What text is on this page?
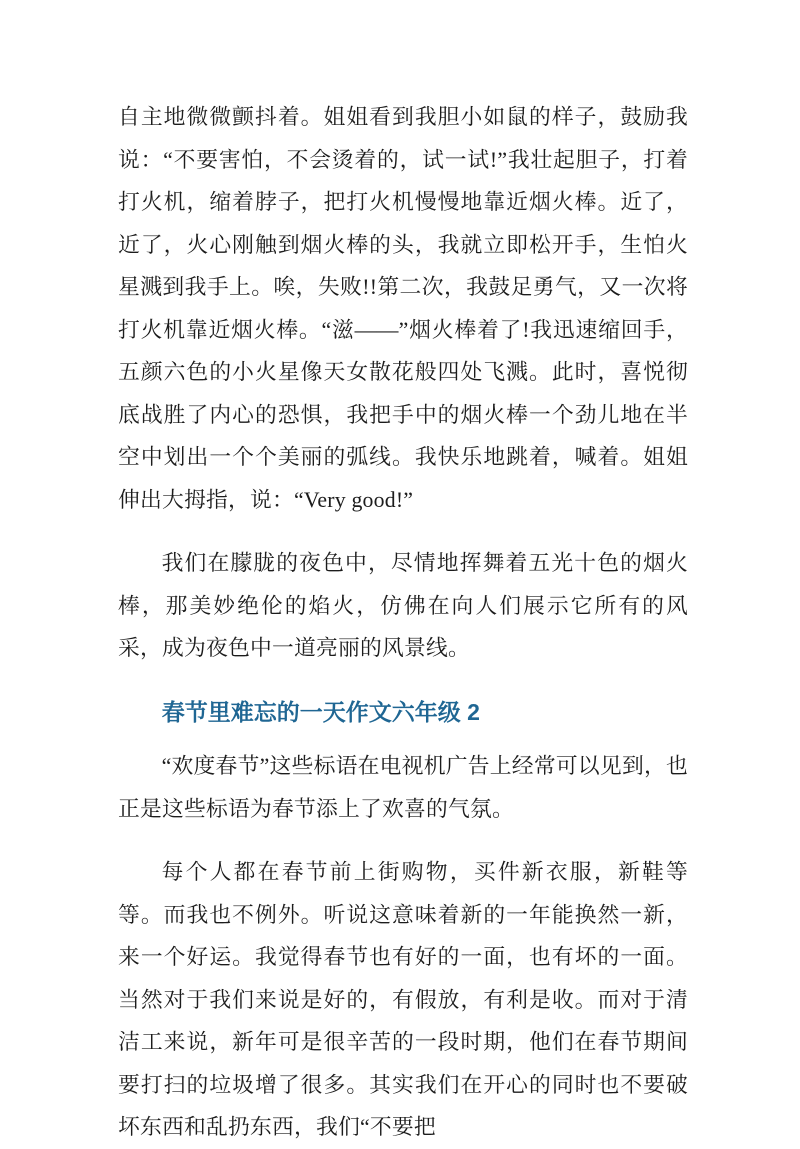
自主地微微颤抖着。姐姐看到我胆小如鼠的样子，鼓励我说：“不要害怕，不会烫着的，试一试!”我壮起胆子，打着打火机，缩着脖子，把打火机慢慢地靠近烟火棒。近了，近了，火心刚触到烟火棒的头，我就立即松开手，生怕火星溅到我手上。唉，失败!!第二次，我鼓足勇气，又一次将打火机靠近烟火棒。“滋——”烟火棒着了!我迅速缩回手，五颜六色的小火星像天女散花般四处飞溅。此时，喜悦彻底战胜了内心的恐惧，我把手中的烟火棒一个劲儿地在半空中划出一个个美丽的弧线。我快乐地跳着，喊着。姐姐伸出大拇指，说：“Very good!”

我们在朦胧的夜色中，尽情地挥舞着五光十色的烟火棒，那美妙绝伦的焰火，仿佛在向人们展示它所有的风采，成为夜色中一道亮丽的风景线。

春节里难忘的一天作文六年级 2

“欢度春节”这些标语在电视机广告上经常可以见到，也正是这些标语为春节添上了欢喜的气氛。

每个人都在春节前上街购物，买件新衣服，新鞋等等。而我也不例外。听说这意味着新的一年能换然一新，来一个好运。我觉得春节也有好的一面，也有坏的一面。当然对于我们来说是好的，有假放，有利是收。而对于清洁工来说，新年可是很辛苦的一段时期，他们在春节期间要打扫的垃圾增了很多。其实我们在开心的同时也不要破坏东西和乱扔东西，我们“不要把
